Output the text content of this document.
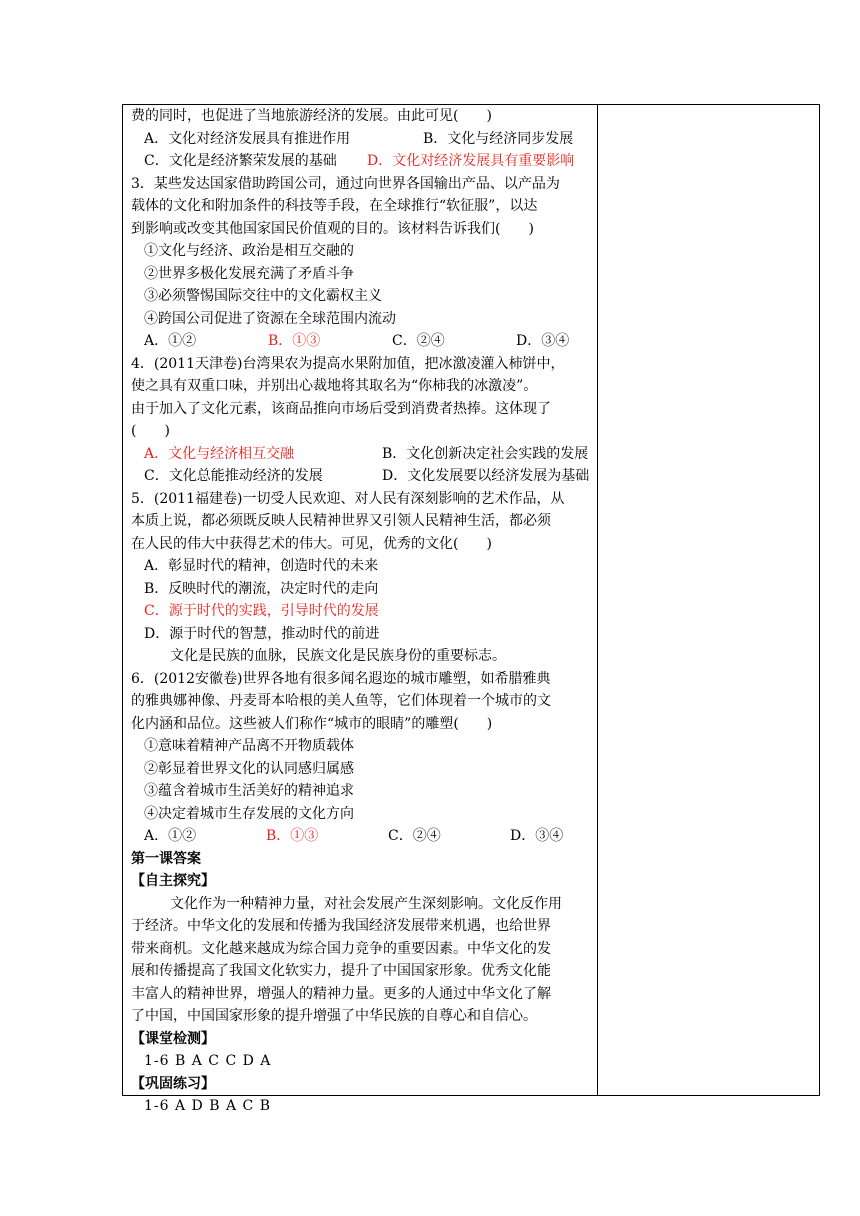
费的同时，也促进了当地旅游经济的发展。由此可见(　　)

A．文化对经济发展具有推进作用	B．文化与经济同步发展

C．文化是经济繁荣发展的基础 D．文化对经济发展具有重要影响

3．某些发达国家借助跨国公司，通过向世界各国输出产品、以产品为

载体的文化和附加条件的科技等手段，在全球推行“软征服”，以达

到影响或改变其他国家国民价值观的目的。该材料告诉我们(　　)

①文化与经济、政治是相互交融的

②世界多极化发展充满了矛盾斗争

③必须警惕国际交往中的文化霸权主义

④跨国公司促进了资源在全球范围内流动

A．①②	B．①③	C．②④	D．③④

4．(2011天津卷)台湾果农为提高水果附加值，把冰激凌灌入柿饼中，

使之具有双重口味，并别出心裁地将其取名为“你柿我的冰激凌”。

由于加入了文化元素，该商品推向市场后受到消费者热捧。这体现了

(　　)

A．文化与经济相互交融	B．文化创新决定社会实践的发展

C．文化总能推动经济的发展	D．文化发展要以经济发展为基础

5．(2011福建卷)一切受人民欢迎、对人民有深刻影响的艺术作品，从

本质上说，都必须既反映人民精神世界又引领人民精神生活，都必须

在人民的伟大中获得艺术的伟大。可见，优秀的文化(　　)

A．彰显时代的精神，创造时代的未来

B．反映时代的潮流，决定时代的走向

C．源于时代的实践，引导时代的发展

D．源于时代的智慧，推动时代的前进

文化是民族的血脉，民族文化是民族身份的重要标志。

6．(2012安徽卷)世界各地有很多闻名遐迩的城市雕塑，如希腊雅典

的雅典娜神像、丹麦哥本哈根的美人鱼等，它们体现着一个城市的文

化内涵和品位。这些被人们称作“城市的眼睛”的雕塑(　　)

①意味着精神产品离不开物质载体

②彰显着世界文化的认同感归属感

③蕴含着城市生活美好的精神追求

④决定着城市生存发展的文化方向

A．①②	B．①③	C．②④	D．③④

第一课答案

【自主探究】

文化作为一种精神力量，对社会发展产生深刻影响。文化反作用

于经济。中华文化的发展和传播为我国经济发展带来机遇，也给世界

带来商机。文化越来越成为综合国力竞争的重要因素。中华文化的发

展和传播提高了我国文化软实力，提升了中国国家形象。优秀文化能

丰富人的精神世界，增强人的精神力量。更多的人通过中华文化了解

了中国，中国国家形象的提升增强了中华民族的自尊心和自信心。

【课堂检测】

1-6 B A C C D A

【巩固练习】

1-6 A D B A C B
